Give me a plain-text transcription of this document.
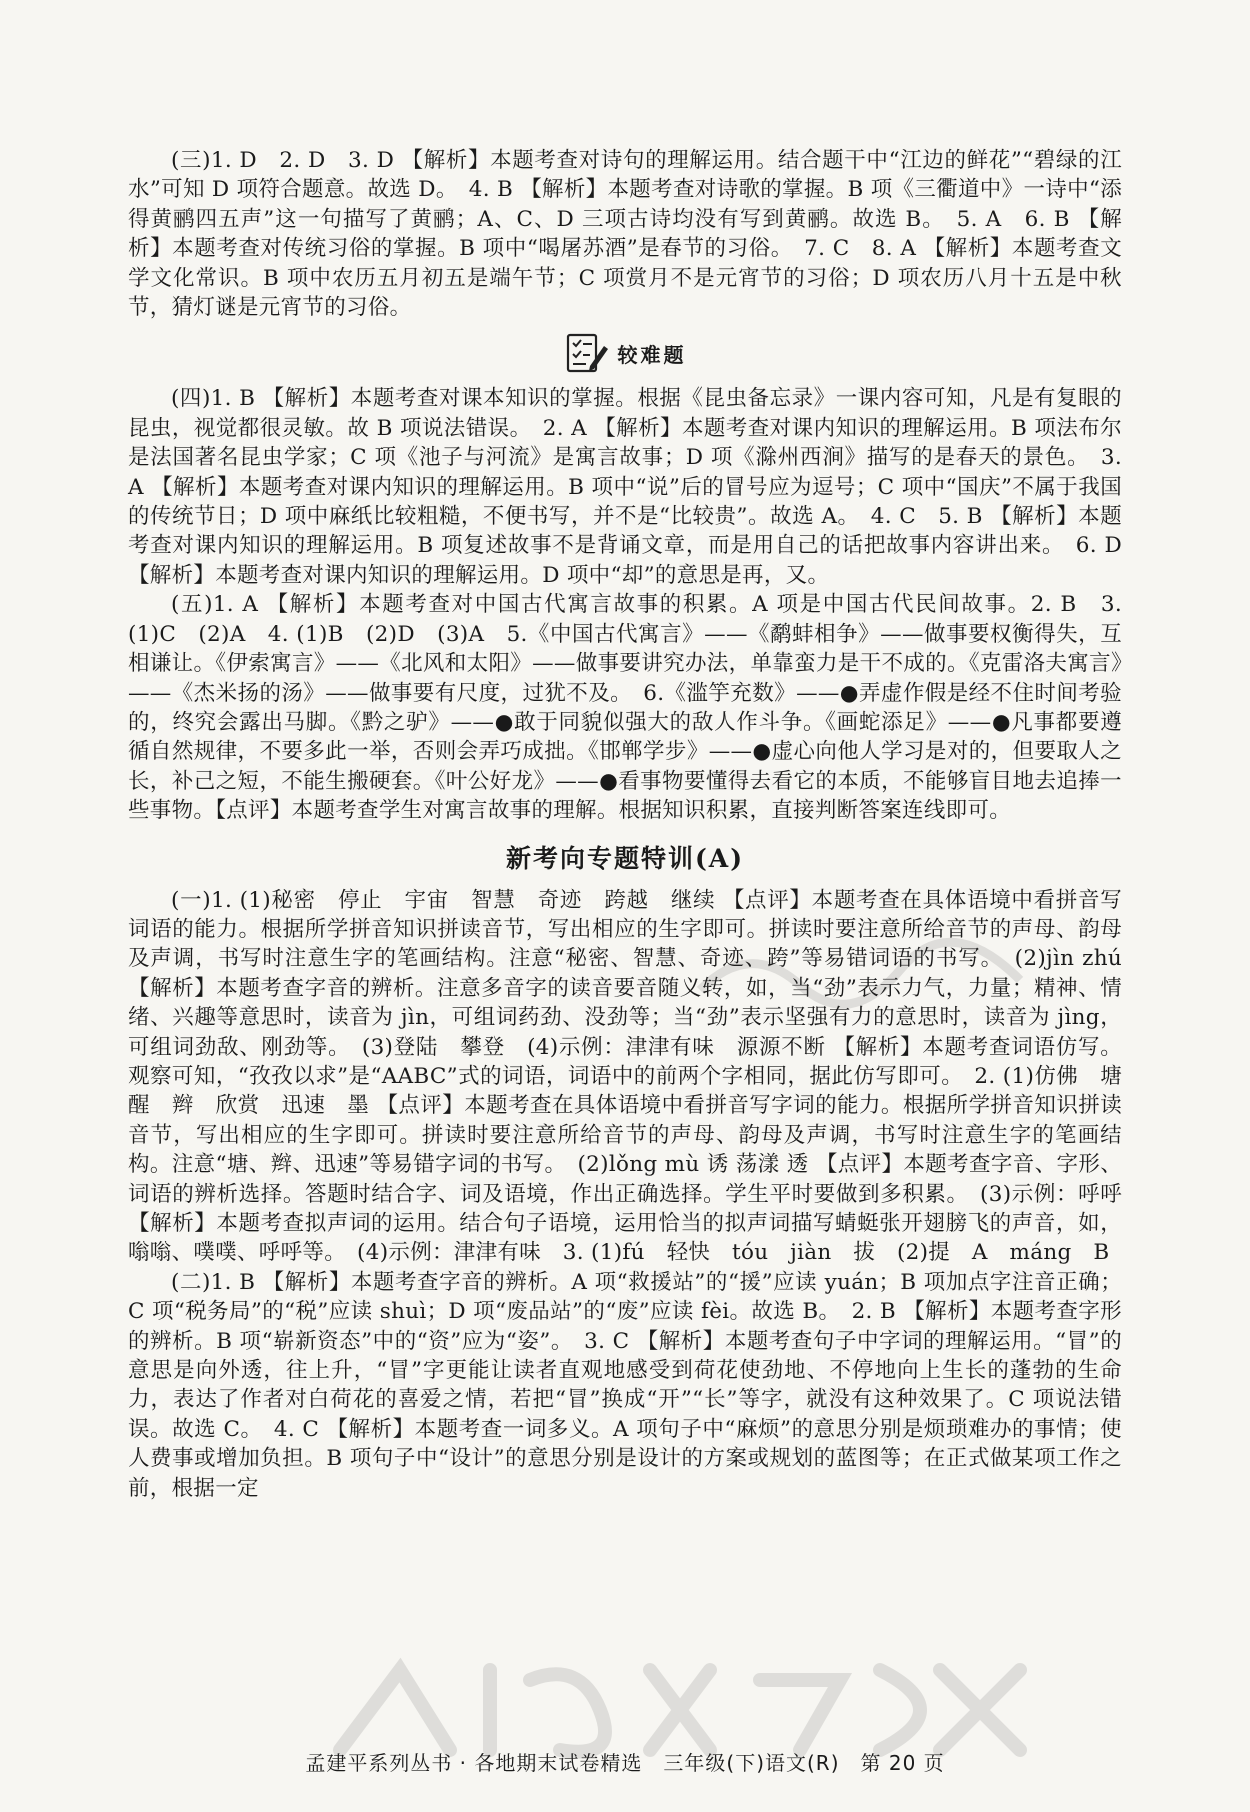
(三)1. D　2. D　3. D 【解析】本题考查对诗句的理解运用。结合题干中“江边的鲜花”“碧绿的江水”可知 D 项符合题意。故选 D。　4. B 【解析】本题考查对诗歌的掌握。B 项《三衢道中》一诗中“添得黄鹂四五声”这一句描写了黄鹂；A、C、D 三项古诗均没有写到黄鹂。故选 B。　5. A　6. B 【解析】本题考查对传统习俗的掌握。B 项中“喝屠苏酒”是春节的习俗。　7. C　8. A 【解析】本题考查文学文化常识。B 项中农历五月初五是端午节；C 项赏月不是元宵节的习俗；D 项农历八月十五是中秋节，猜灯谜是元宵节的习俗。

较难题

(四)1. B 【解析】本题考查对课本知识的掌握。根据《昆虫备忘录》一课内容可知，凡是有复眼的昆虫，视觉都很灵敏。故 B 项说法错误。　2. A 【解析】本题考查对课内知识的理解运用。B 项法布尔是法国著名昆虫学家；C 项《池子与河流》是寓言故事；D 项《滁州西涧》描写的是春天的景色。　3. A 【解析】本题考查对课内知识的理解运用。B 项中“说”后的冒号应为逗号；C 项中“国庆”不属于我国的传统节日；D 项中麻纸比较粗糙，不便书写，并不是“比较贵”。故选 A。　4. C　5. B 【解析】本题考查对课内知识的理解运用。B 项复述故事不是背诵文章，而是用自己的话把故事内容讲出来。　6. D 【解析】本题考查对课内知识的理解运用。D 项中“却”的意思是再，又。

(五)1. A 【解析】本题考查对中国古代寓言故事的积累。A 项是中国古代民间故事。2. B　3. (1)C　(2)A　4. (1)B　(2)D　(3)A　5.《中国古代寓言》——《鹬蚌相争》——做事要权衡得失，互相谦让。《伊索寓言》——《北风和太阳》——做事要讲究办法，单靠蛮力是干不成的。《克雷洛夫寓言》——《杰米扬的汤》——做事要有尺度，过犹不及。　6.《滥竽充数》——●弄虚作假是经不住时间考验的，终究会露出马脚。《黔之驴》——●敢于同貌似强大的敌人作斗争。《画蛇添足》——●凡事都要遵循自然规律，不要多此一举，否则会弄巧成拙。《邯郸学步》——●虚心向他人学习是对的，但要取人之长，补己之短，不能生搬硬套。《叶公好龙》——●看事物要懂得去看它的本质，不能够盲目地去追捧一些事物。【点评】本题考查学生对寓言故事的理解。根据知识积累，直接判断答案连线即可。

新考向专题特训(A)

(一)1. (1)秘密　停止　宇宙　智慧　奇迹　跨越　继续 【点评】本题考查在具体语境中看拼音写词语的能力。根据所学拼音知识拼读音节，写出相应的生字即可。拼读时要注意所给音节的声母、韵母及声调，书写时注意生字的笔画结构。注意“秘密、智慧、奇迹、跨”等易错词语的书写。　(2)jìn zhú 【解析】本题考查字音的辨析。注意多音字的读音要音随义转，如，当“劲”表示力气，力量；精神、情绪、兴趣等意思时，读音为 jìn，可组词药劲、没劲等；当“劲”表示坚强有力的意思时，读音为 jìng，可组词劲敌、刚劲等。　(3)登陆　攀登　(4)示例：津津有味　源源不断 【解析】本题考查词语仿写。观察可知，“孜孜以求”是“AABC”式的词语，词语中的前两个字相同，据此仿写即可。　2. (1)仿佛　塘　醒　辫　欣赏　迅速　墨 【点评】本题考查在具体语境中看拼音写字词的能力。根据所学拼音知识拼读音节，写出相应的生字即可。拼读时要注意所给音节的声母、韵母及声调，书写时注意生字的笔画结构。注意“塘、辫、迅速”等易错字词的书写。　(2)lǒng mù 诱 荡漾 透 【点评】本题考查字音、字形、词语的辨析选择。答题时结合字、词及语境，作出正确选择。学生平时要做到多积累。　(3)示例：呼呼 【解析】本题考查拟声词的运用。结合句子语境，运用恰当的拟声词描写蜻蜓张开翅膀飞的声音，如，嗡嗡、噗噗、呼呼等。　(4)示例：津津有味　3. (1)fú　轻快　tóu　jiàn　拔　(2)提　A　máng　B

(二)1. B 【解析】本题考查字音的辨析。A 项“救援站”的“援”应读 yuán；B 项加点字注音正确；C 项“税务局”的“税”应读 shuì；D 项“废品站”的“废”应读 fèi。故选 B。　2. B 【解析】本题考查字形的辨析。B 项“崭新资态”中的“资”应为“姿”。　3. C 【解析】本题考查句子中字词的理解运用。“冒”的意思是向外透，往上升，“冒”字更能让读者直观地感受到荷花使劲地、不停地向上生长的蓬勃的生命力，表达了作者对白荷花的喜爱之情，若把“冒”换成“开”“长”等字，就没有这种效果了。C 项说法错误。故选 C。　4. C 【解析】本题考查一词多义。A 项句子中“麻烦”的意思分别是烦琐难办的事情；使人费事或增加负担。B 项句子中“设计”的意思分别是设计的方案或规划的蓝图等；在正式做某项工作之前，根据一定

孟建平系列丛书 · 各地期末试卷精选　三年级(下)语文(R)　第 20 页
